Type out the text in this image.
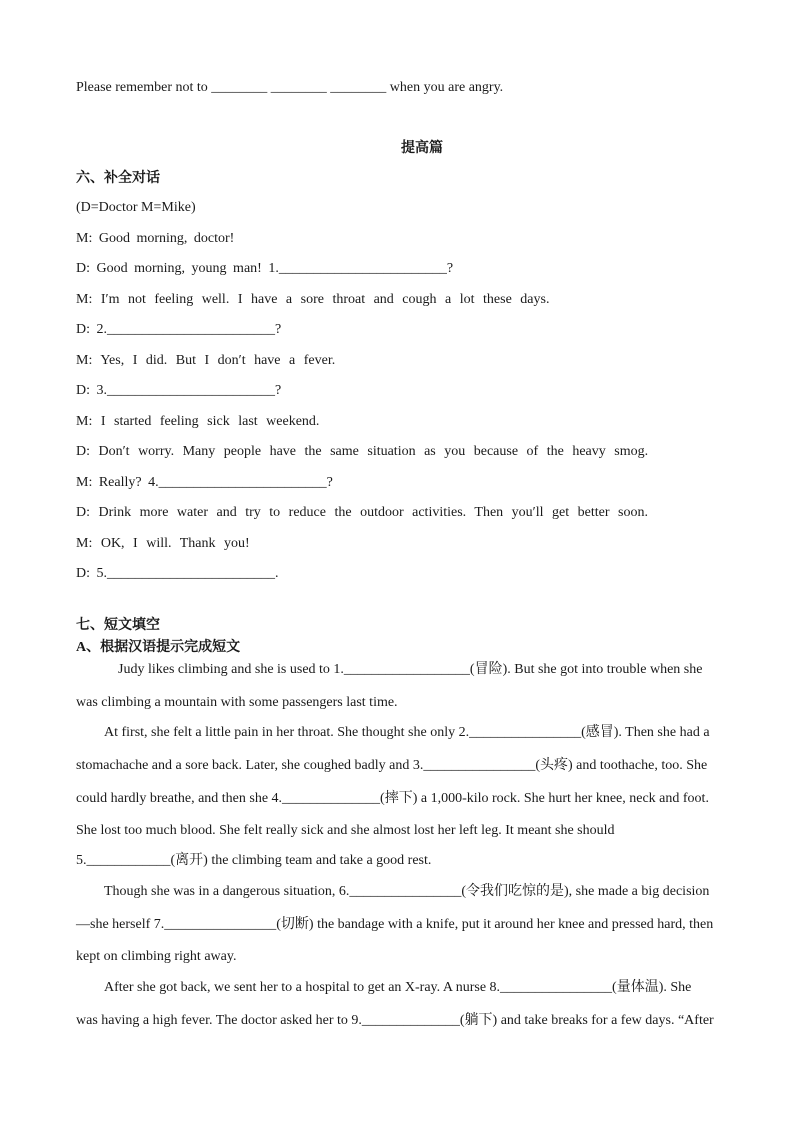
Please remember not to ________ ________ ________ when you are angry.
提高篇
六、补全对话
(D=Doctor M=Mike)
M: Good morning, doctor!
D: Good morning, young man! 1.________________________?
M: I′m not feeling well. I have a sore throat and cough a lot these days.
D: 2.________________________?
M: Yes, I did. But I don′t have a fever.
D: 3.________________________?
M: I started feeling sick last weekend.
D: Don′t worry. Many people have the same situation as you because of the heavy smog.
M: Really? 4.________________________?
D: Drink more water and try to reduce the outdoor activities. Then you′ll get better soon.
M: OK, I will. Thank you!
D: 5.________________________.
七、短文填空
A、根据汉语提示完成短文
Judy likes climbing and she is used to 1.__________________(冒险). But she got into trouble when she
was climbing a mountain with some passengers last time.
At first, she felt a little pain in her throat. She thought she only 2.________________(感冒). Then she had a
stomachache and a sore back. Later, she coughed badly and 3.________________(头疼) and toothache, too. She
could hardly breathe, and then she 4.______________(摔下) a 1,000-kilo rock. She hurt her knee, neck and foot.
She lost too much blood. She felt really sick and she almost lost her left leg. It meant she should
5.____________(离开) the climbing team and take a good rest.
Though she was in a dangerous situation, 6.________________(令我们吃惊的是), she made a big decision
—she herself 7.________________(切断) the bandage with a knife, put it around her knee and pressed hard, then
kept on climbing right away.
After she got back, we sent her to a hospital to get an X-ray. A nurse 8.________________(量体温). She
was having a high fever. The doctor asked her to 9.______________(躺下) and take breaks for a few days. “After
